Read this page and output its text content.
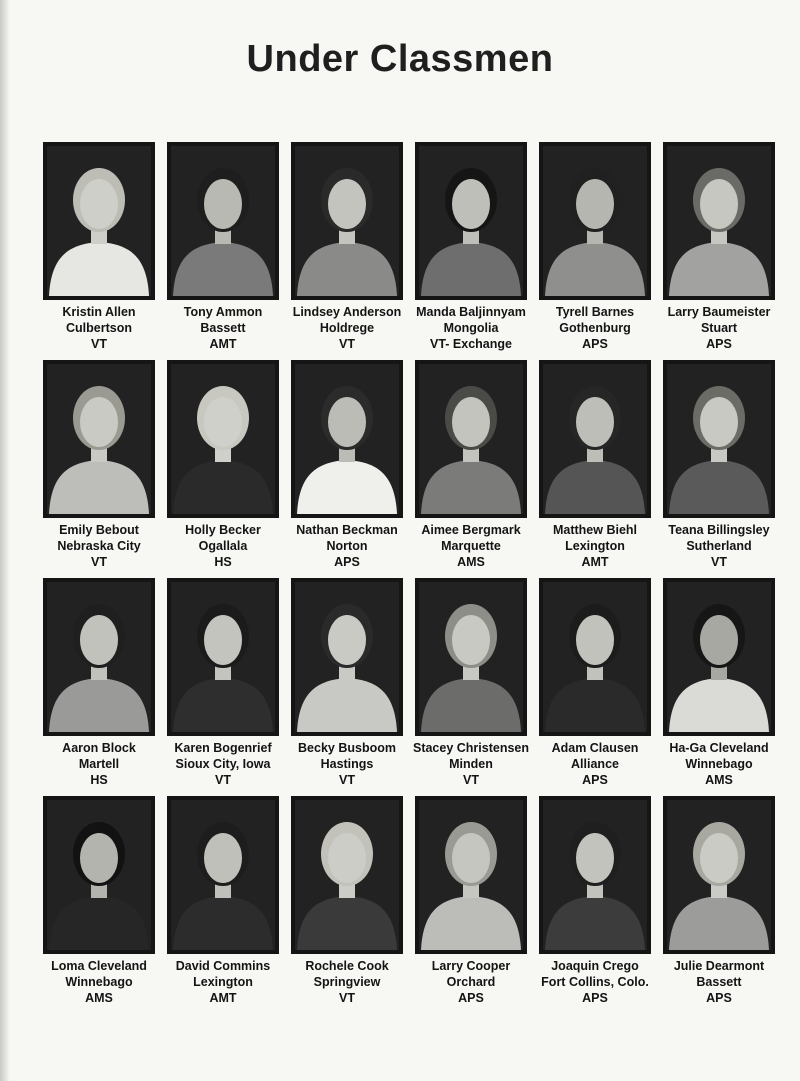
Under Classmen
Kristin Allen
Culbertson
VT
Tony Ammon
Bassett
AMT
Lindsey Anderson
Holdrege
VT
Manda Baljinnyam
Mongolia
VT- Exchange
Tyrell Barnes
Gothenburg
APS
Larry Baumeister
Stuart
APS
Emily Bebout
Nebraska City
VT
Holly Becker
Ogallala
HS
Nathan Beckman
Norton
APS
Aimee Bergmark
Marquette
AMS
Matthew Biehl
Lexington
AMT
Teana Billingsley
Sutherland
VT
Aaron Block
Martell
HS
Karen Bogenrief
Sioux City, Iowa
VT
Becky Busboom
Hastings
VT
Stacey Christensen
Minden
VT
Adam Clausen
Alliance
APS
Ha-Ga Cleveland
Winnebago
AMS
Loma Cleveland
Winnebago
AMS
David Commins
Lexington
AMT
Rochele Cook
Springview
VT
Larry Cooper
Orchard
APS
Joaquin Crego
Fort Collins, Colo.
APS
Julie Dearmont
Bassett
APS
